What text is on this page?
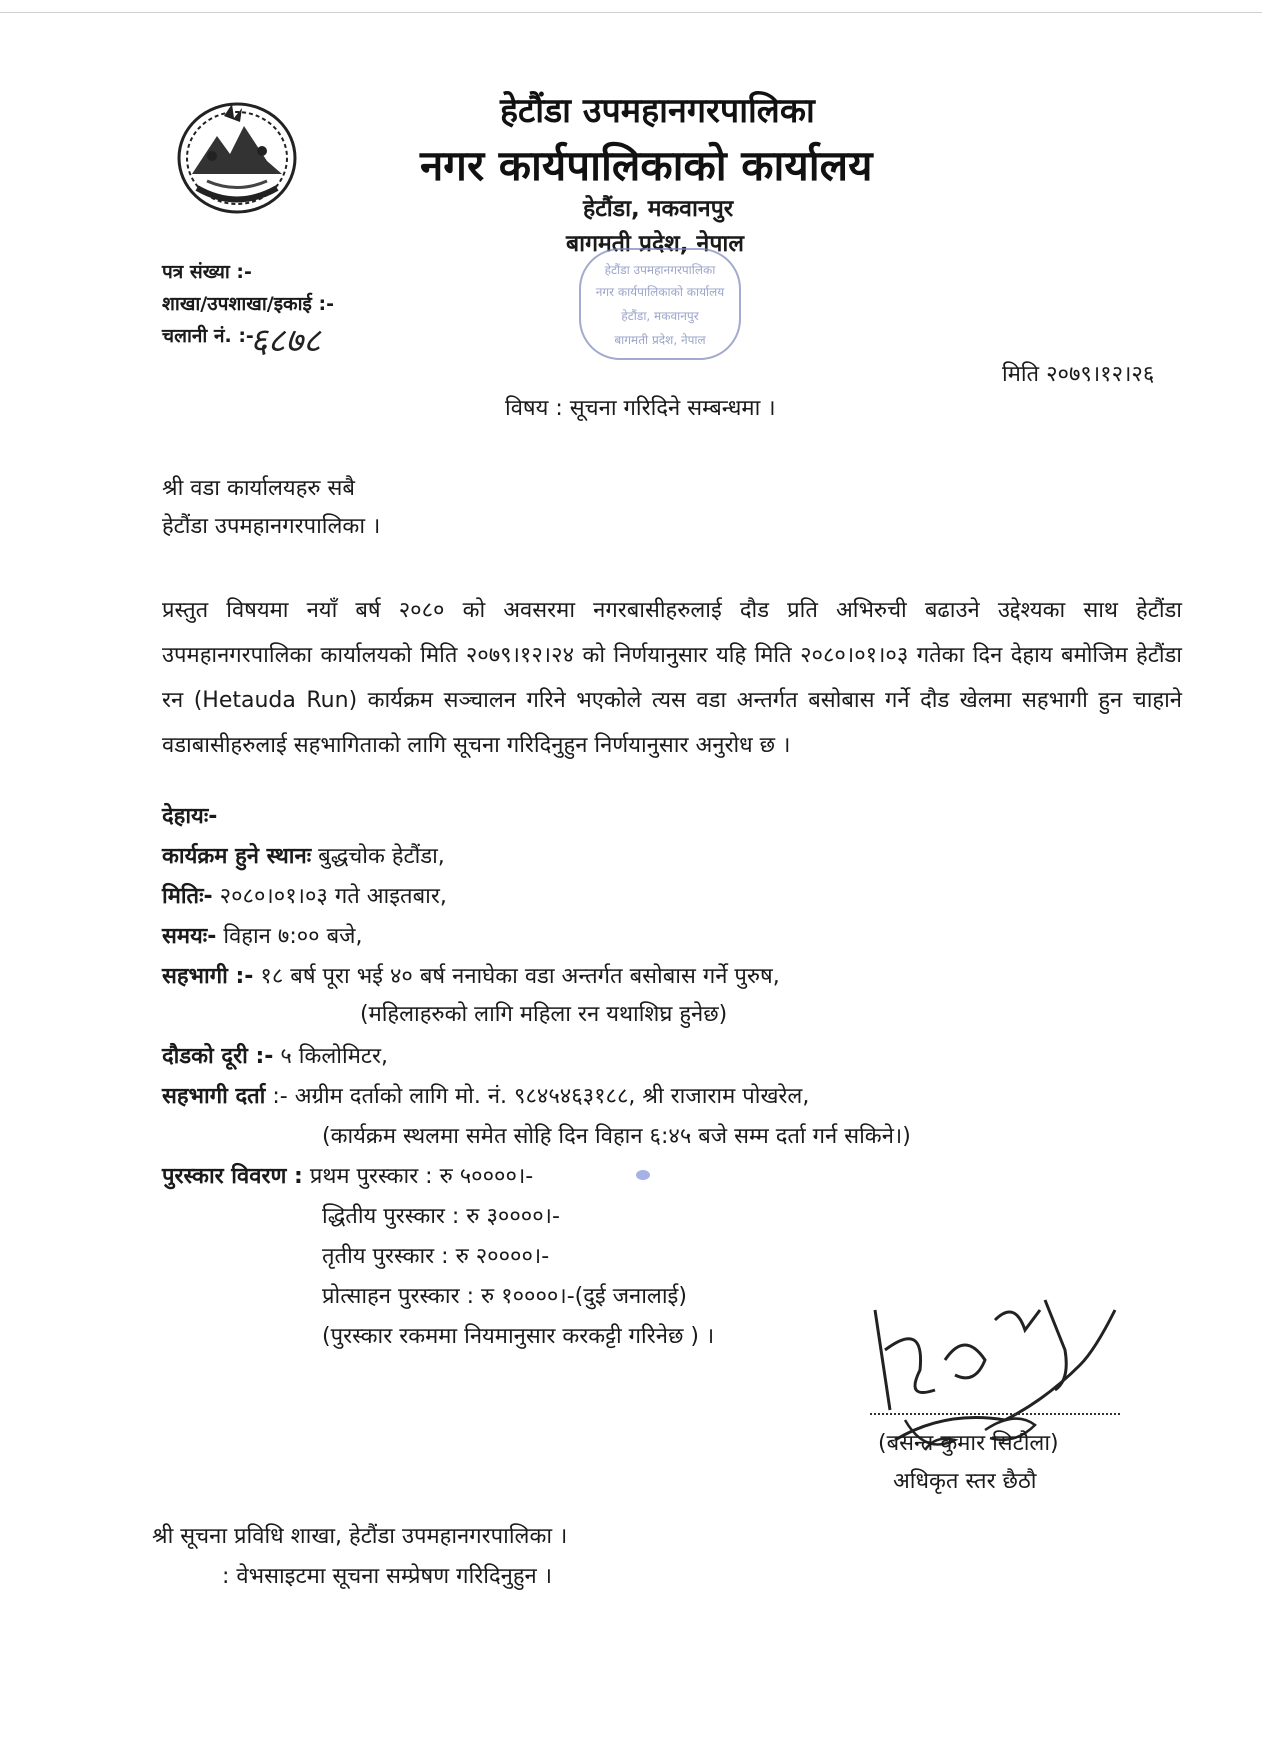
हेटौंडा उपमहानगरपालिका
नगर कार्यपालिकाको कार्यालय
हेटौंडा, मकवानपुर
बागमती प्रदेश, नेपाल
हेटौंडा उपमहानगरपालिका
नगर कार्यपालिकाको कार्यालय
हेटौंडा, मकवानपुर
बागमती प्रदेश, नेपाल
पत्र संख्या :-
शाखा/उपशाखा/इकाई :-
चलानी नं. :-
६८७८
मिति २०७९।१२।२६
विषय : सूचना गरिदिने सम्बन्धमा ।
श्री वडा कार्यालयहरु सबै
हेटौंडा उपमहानगरपालिका ।
प्रस्तुत विषयमा नयाँ बर्ष २०८० को अवसरमा नगरबासीहरुलाई दौड प्रति अभिरुची बढाउने उद्देश्यका साथ हेटौंडा उपमहानगरपालिका कार्यालयको मिति २०७९।१२।२४ को निर्णयानुसार यहि मिति २०८०।०१।०३ गतेका दिन देहाय बमोजिम हेटौंडा रन (Hetauda Run) कार्यक्रम सञ्चालन गरिने भएकोले त्यस वडा अन्तर्गत बसोबास गर्ने दौड खेलमा सहभागी हुन चाहाने वडाबासीहरुलाई सहभागिताको लागि सूचना गरिदिनुहुन निर्णयानुसार अनुरोध छ ।
देहायः-
कार्यक्रम हुने स्थानः बुद्धचोक हेटौंडा,
मितिः- २०८०।०१।०३ गते आइतबार,
समयः- विहान ७:०० बजे,
सहभागी :- १८ बर्ष पूरा भई ४० बर्ष ननाघेका वडा अन्तर्गत बसोबास गर्ने पुरुष,
(महिलाहरुको लागि महिला रन यथाशिघ्र हुनेछ)
दौडको दूरी :- ५ किलोमिटर,
सहभागी दर्ता :- अग्रीम दर्ताको लागि मो. नं. ९८४५४६३१८८, श्री राजाराम पोखरेल,
(कार्यक्रम स्थलमा समेत सोहि दिन विहान ६:४५ बजे सम्म दर्ता गर्न सकिने।)
पुरस्कार विवरण : प्रथम पुरस्कार : रु ५००००।-
द्धितीय पुरस्कार : रु ३००००।-
तृतीय पुरस्कार : रु २००००।-
प्रोत्साहन पुरस्कार : रु १००००।-(दुई जनालाई)
(पुरस्कार रकममा नियमानुसार करकट्टी गरिनेछ ) ।
(बसन्त कुमार सिटौला)
अधिकृत स्तर छैठौ
श्री सूचना प्रविधि शाखा, हेटौंडा उपमहानगरपालिका ।
: वेभसाइटमा सूचना सम्प्रेषण गरिदिनुहुन ।
